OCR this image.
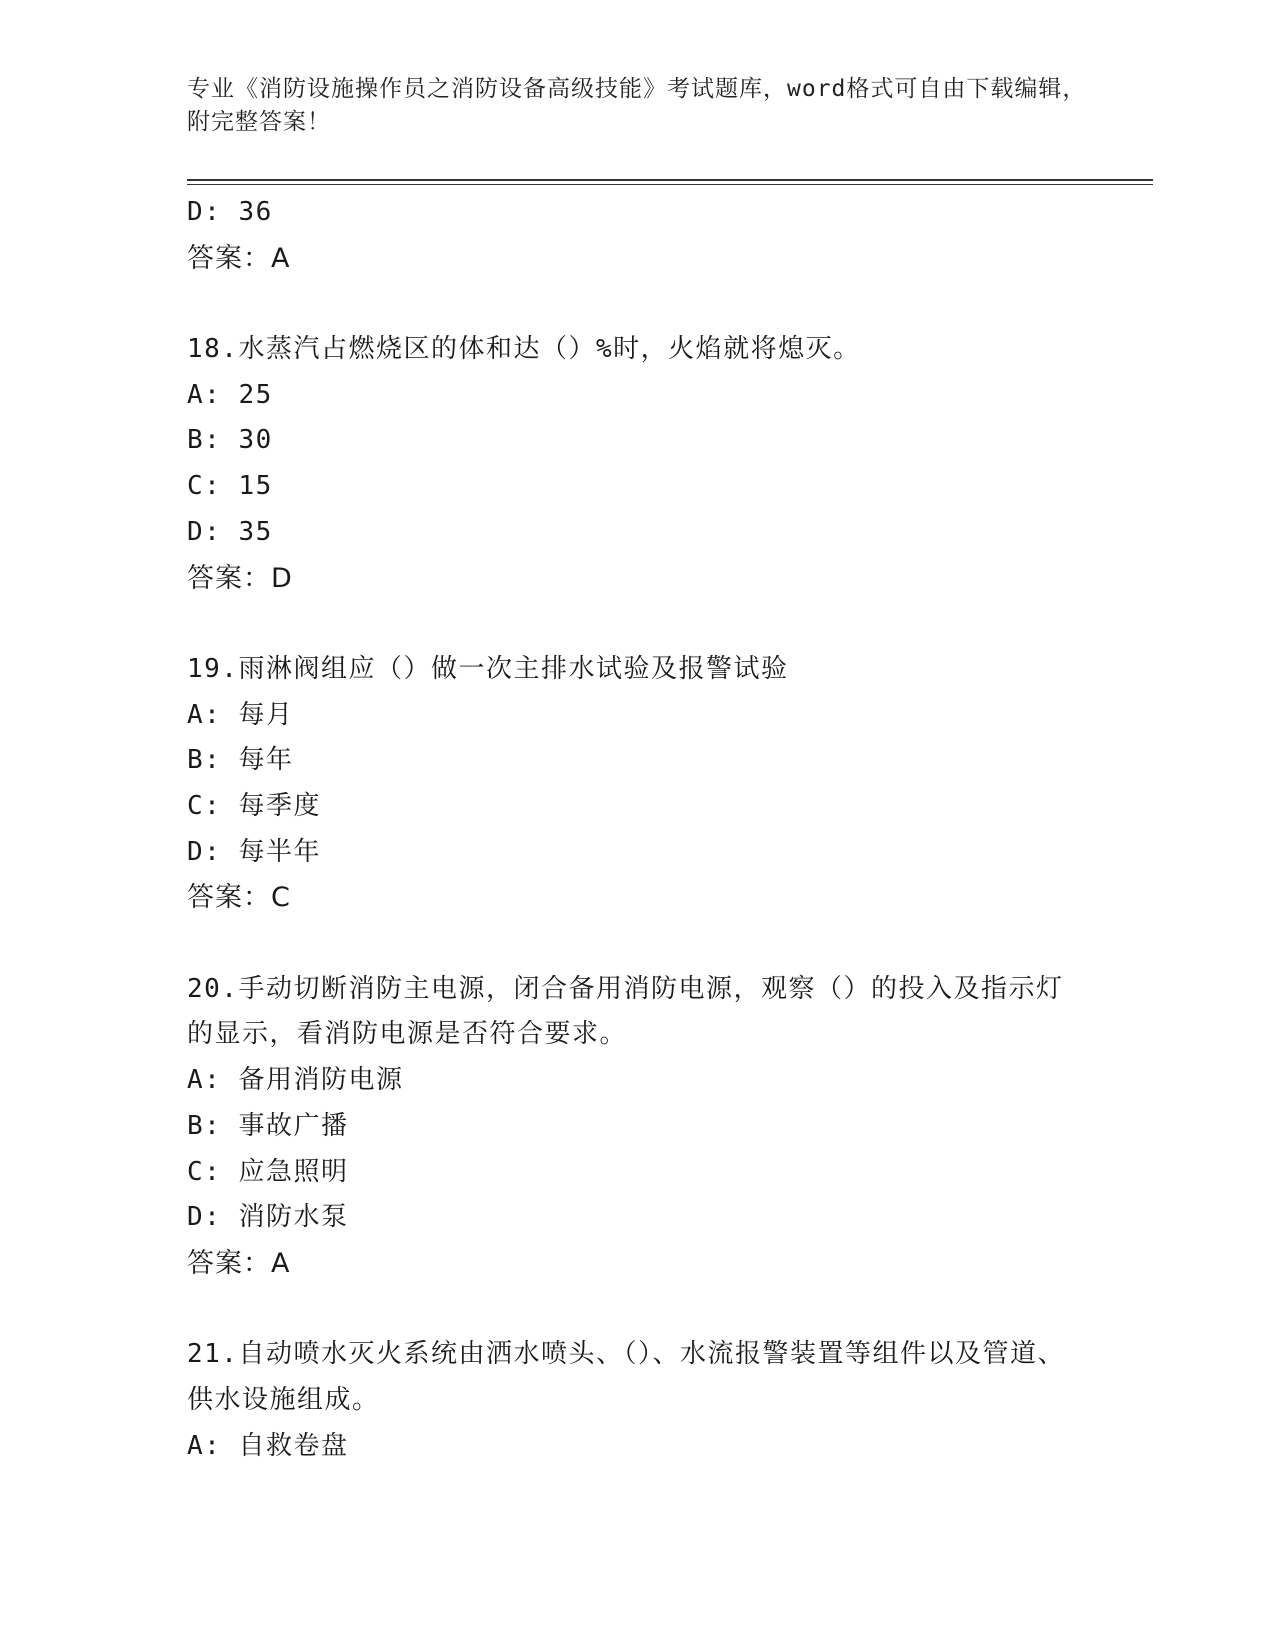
专业《消防设施操作员之消防设备高级技能》考试题库，word格式可自由下载编辑，附完整答案！
D: 36
答案：A
18.水蒸汽占燃烧区的体和达（）%时，火焰就将熄灭。
A: 25
B: 30
C: 15
D: 35
答案：D
19.雨淋阀组应（）做一次主排水试验及报警试验
A: 每月
B: 每年
C: 每季度
D: 每半年
答案：C
20.手动切断消防主电源，闭合备用消防电源，观察（）的投入及指示灯的显示，看消防电源是否符合要求。
A: 备用消防电源
B: 事故广播
C: 应急照明
D: 消防水泵
答案：A
21.自动喷水灭火系统由洒水喷头、（）、水流报警装置等组件以及管道、供水设施组成。
A: 自救卷盘
